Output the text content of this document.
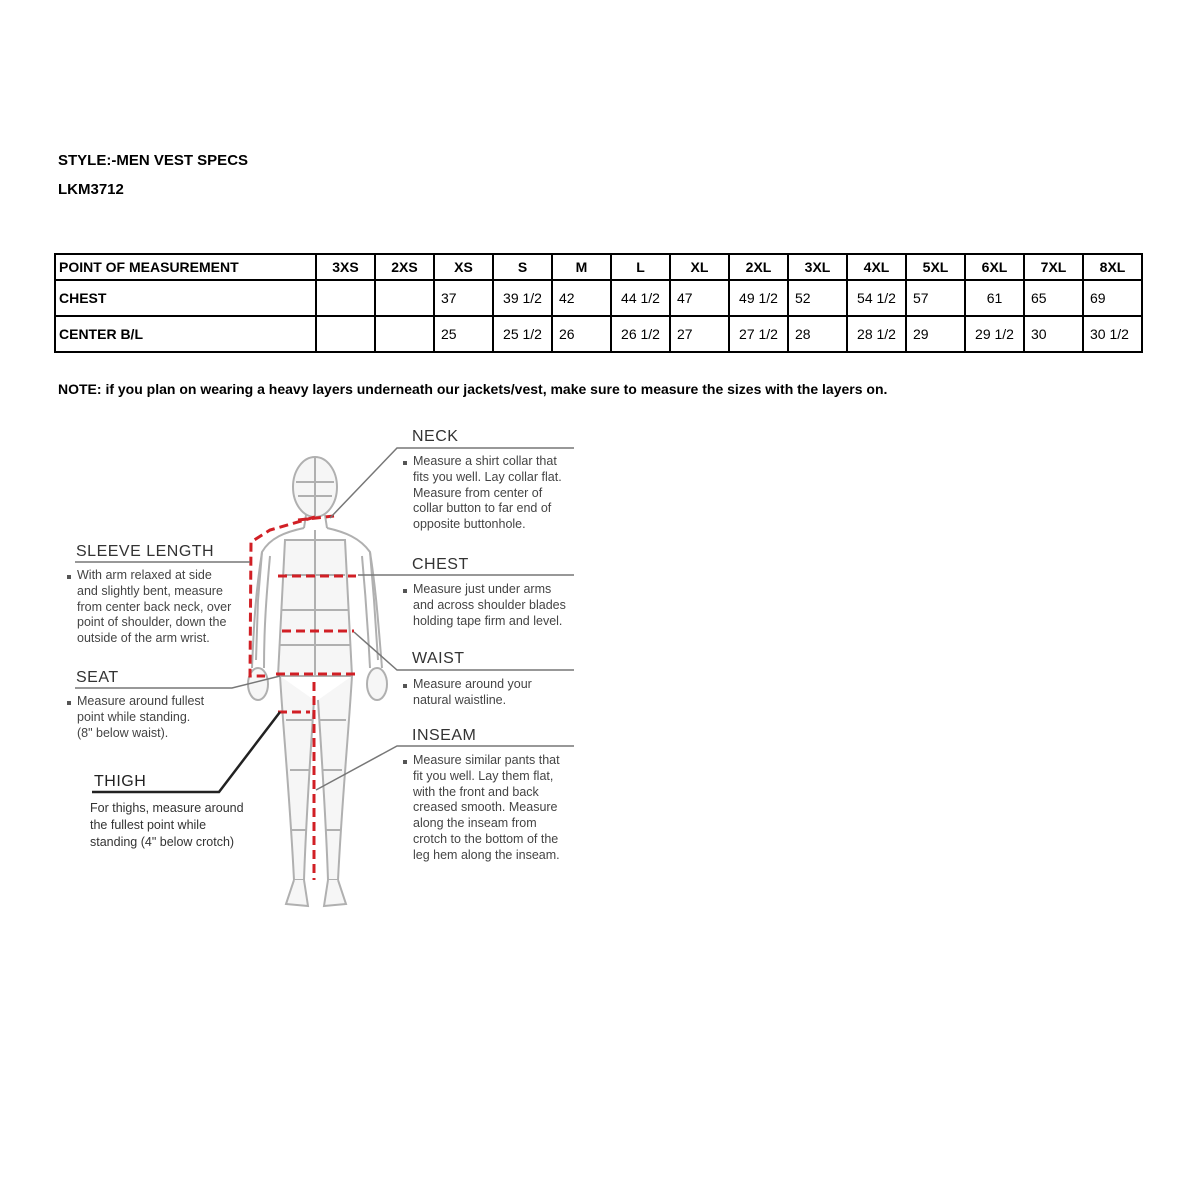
STYLE:-MEN VEST SPECS
LKM3712
POINT OF MEASUREMENT	3XS	2XS	XS	S	M	L	XL	2XL	3XL	4XL	5XL	6XL	7XL	8XL
CHEST			37	39 1/2	42	44 1/2	47	49 1/2	52	54 1/2	57	61	65	69
CENTER B/L			25	25 1/2	26	26 1/2	27	27 1/2	28	28 1/2	29	29 1/2	30	30 1/2
NOTE: if you plan on wearing a heavy layers underneath our jackets/vest, make sure to measure the sizes with the layers on.
NECK
Measure a shirt collar that
fits you well. Lay collar flat.
Measure from center of
collar button to far end of
opposite buttonhole.
CHEST
Measure just under arms
and across shoulder blades
holding tape firm and level.
WAIST
Measure around your
natural waistline.
INSEAM
Measure similar pants that
fit you well. Lay them flat,
with the front and back
creased smooth. Measure
along the inseam from
crotch to the bottom of the
leg hem along the inseam.
SLEEVE LENGTH
With arm relaxed at side
and slightly bent, measure
from center back neck, over
point of shoulder, down the
outside of the arm wrist.
SEAT
Measure around fullest
point while standing.
(8" below waist).
THIGH
For thighs, measure around
the fullest point while
standing (4" below crotch)
